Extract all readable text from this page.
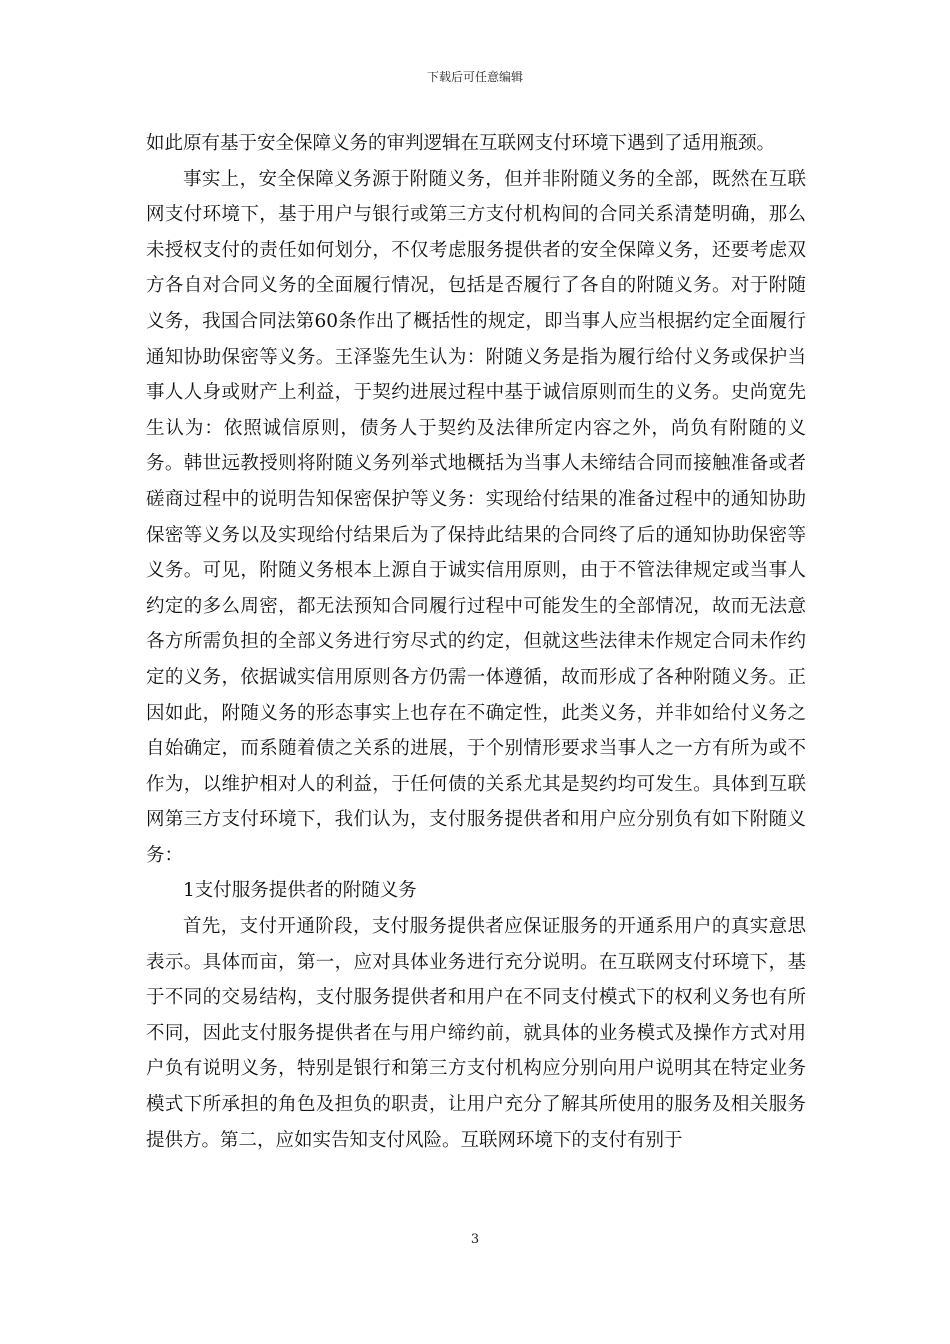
下载后可任意编辑

如此原有基于安全保障义务的审判逻辑在互联网支付环境下遇到了适用瓶颈。

事实上，安全保障义务源于附随义务，但并非附随义务的全部，既然在互联网支付环境下，基于用户与银行或第三方支付机构间的合同关系清楚明确，那么未授权支付的责任如何划分，不仅考虑服务提供者的安全保障义务，还要考虑双方各自对合同义务的全面履行情况，包括是否履行了各自的附随义务。对于附随义务，我国合同法第60条作出了概括性的规定，即当事人应当根据约定全面履行通知协助保密等义务。王泽鉴先生认为：附随义务是指为履行给付义务或保护当事人人身或财产上利益，于契约进展过程中基于诚信原则而生的义务。史尚宽先生认为：依照诚信原则，债务人于契约及法律所定内容之外，尚负有附随的义务。韩世远教授则将附随义务列举式地概括为当事人未缔结合同而接触准备或者磋商过程中的说明告知保密保护等义务：实现给付结果的准备过程中的通知协助保密等义务以及实现给付结果后为了保持此结果的合同终了后的通知协助保密等义务。可见，附随义务根本上源自于诚实信用原则，由于不管法律规定或当事人约定的多么周密，都无法预知合同履行过程中可能发生的全部情况，故而无法意各方所需负担的全部义务进行穷尽式的约定，但就这些法律未作规定合同未作约定的义务，依据诚实信用原则各方仍需一体遵循，故而形成了各种附随义务。正因如此，附随义务的形态事实上也存在不确定性，此类义务，并非如给付义务之自始确定，而系随着债之关系的进展，于个别情形要求当事人之一方有所为或不作为，以维护相对人的利益，于任何债的关系尤其是契约均可发生。具体到互联网第三方支付环境下，我们认为，支付服务提供者和用户应分别负有如下附随义务：

1支付服务提供者的附随义务

首先，支付开通阶段，支付服务提供者应保证服务的开通系用户的真实意思表示。具体而亩，第一，应对具体业务进行充分说明。在互联网支付环境下，基于不同的交易结构，支付服务提供者和用户在不同支付模式下的权利义务也有所不同，因此支付服务提供者在与用户缔约前，就具体的业务模式及操作方式对用户负有说明义务，特别是银行和第三方支付机构应分别向用户说明其在特定业务模式下所承担的角色及担负的职责，让用户充分了解其所使用的服务及相关服务提供方。第二，应如实告知支付风险。互联网环境下的支付有别于

3
